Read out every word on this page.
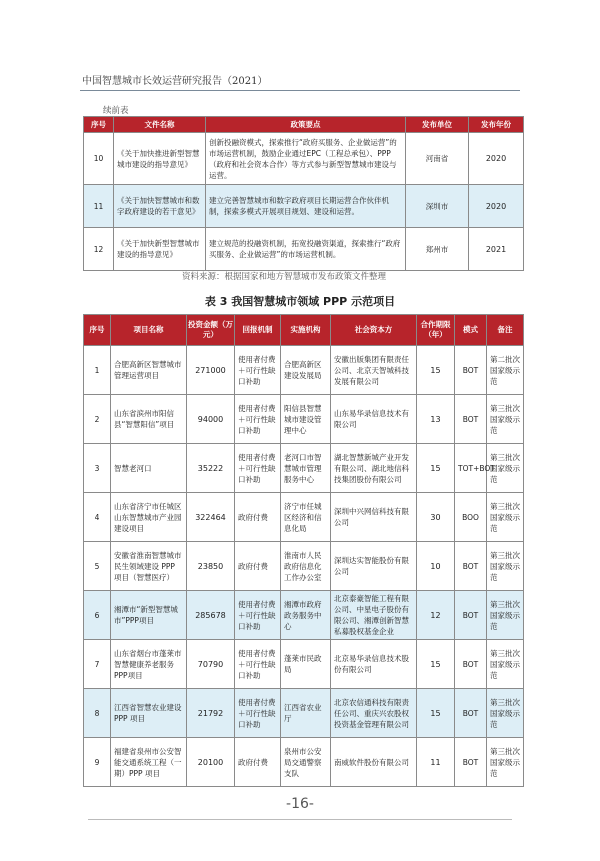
中国智慧城市长效运营研究报告（2021）
续前表
序号	文件名称	政策要点	发布单位	发布年份
10	《关于加快推进新型智慧城市建设的指导意见》	创新投融资模式，探索推行“政府买服务、企业做运营”的市场运营机制，鼓励企业通过EPC（工程总承包）、PPP（政府和社会资本合作）等方式参与新型智慧城市建设与运营。	河南省	2020
11	《关于加快智慧城市和数字政府建设的若干意见》	建立完善智慧城市和数字政府项目长期运营合作伙伴机制，探索多模式开展项目规划、建设和运营。	深圳市	2020
12	《关于加快新型智慧城市建设的指导意见》	建立规范的投融资机制，拓宽投融资渠道，探索推行“政府买服务、企业做运营”的市场运营机制。	郑州市	2021
资料来源：根据国家和地方智慧城市发布政策文件整理
表 3 我国智慧城市领域 PPP 示范项目
序号	项目名称	投资金额（万元）	回报机制	实施机构	社会资本方	合作期限（年）	模式	备注
1	合肥高新区智慧城市管理运营项目	271000	使用者付费＋可行性缺口补助	合肥高新区建设发展局	安徽出版集团有限责任公司、北京天智城科技发展有限公司	15	BOT	第二批次国家级示范
2	山东省滨州市阳信县“智慧阳信”项目	94000	使用者付费＋可行性缺口补助	阳信县智慧城市建设管理中心	山东易华录信息技术有限公司	13	BOT	第三批次国家级示范
3	智慧老河口	35222	使用者付费＋可行性缺口补助	老河口市智慧城市管理服务中心	湖北智慧新城产业开发有限公司、湖北地信科技集团股份有限公司	15	TOT+BOT	第三批次国家级示范
4	山东省济宁市任城区山东智慧城市产业园建设项目	322464	政府付费	济宁市任城区经济和信息化局	深圳中兴网信科技有限公司	30	BOO	第三批次国家级示范
5	安徽省淮南智慧城市民生领域建设 PPP 项目（智慧医疗）	23850	政府付费	淮南市人民政府信息化工作办公室	深圳达实智能股份有限公司	10	BOT	第三批次国家级示范
6	湘潭市“新型智慧城市”PPP项目	285678	使用者付费＋可行性缺口补助	湘潭市政府政务服务中心	北京泰豪智能工程有限公司、中星电子股份有限公司、湘潭创新智慧私募股权基金企业	12	BOT	第三批次国家级示范
7	山东省烟台市蓬莱市智慧健康养老服务 PPP项目	70790	使用者付费＋可行性缺口补助	蓬莱市民政局	北京易华录信息技术股份有限公司	15	BOT	第三批次国家级示范
8	江西省智慧农业建设 PPP 项目	21792	使用者付费＋可行性缺口补助	江西省农业厅	北京农信通科技有限责任公司、重庆兴农股权投资基金管理有限公司	15	BOT	第三批次国家级示范
9	福建省泉州市公安智能交通系统工程（一期）PPP 项目	20100	政府付费	泉州市公安局交通警察支队	南威软件股份有限公司	11	BOT	第三批次国家级示范
-16-
